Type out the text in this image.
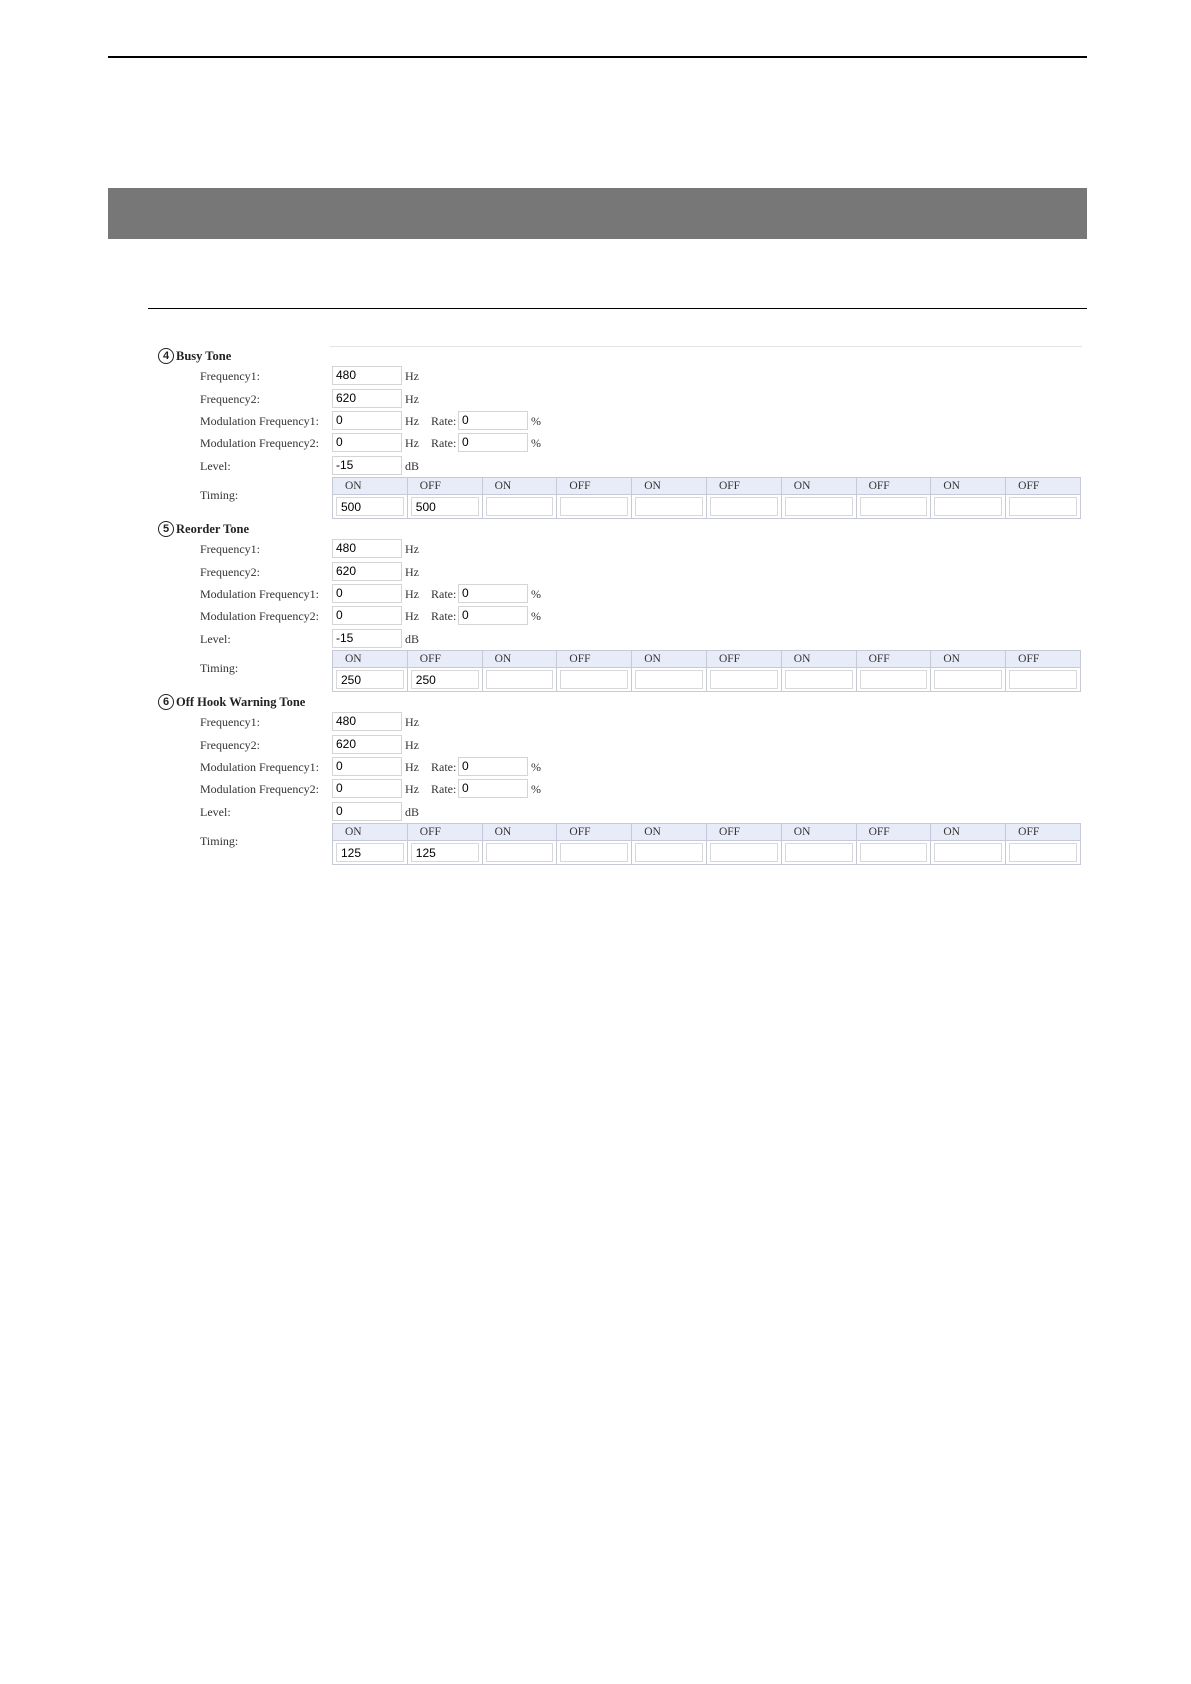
4 Busy Tone
Frequency1:
480	Hz
Frequency2:
620	Hz
Modulation Frequency1:
0	Hz Rate:
0	%
Modulation Frequency2:
0	Hz Rate:
0	%
Level:
-15	dB
Timing:
ON	OFF	ON	OFF	ON	OFF	ON	OFF	ON	OFF
500	500								
5 Reorder Tone
Frequency1:
480	Hz
Frequency2:
620	Hz
Modulation Frequency1:
0	Hz Rate:
0	%
Modulation Frequency2:
0	Hz Rate:
0	%
Level:
-15	dB
Timing:
ON	OFF	ON	OFF	ON	OFF	ON	OFF	ON	OFF
250	250								
6 Off Hook Warning Tone
Frequency1:
480	Hz
Frequency2:
620	Hz
Modulation Frequency1:
0	Hz Rate:
0	%
Modulation Frequency2:
0	Hz Rate:
0	%
Level:
0	dB
Timing:
ON	OFF	ON	OFF	ON	OFF	ON	OFF	ON	OFF
125	125								
